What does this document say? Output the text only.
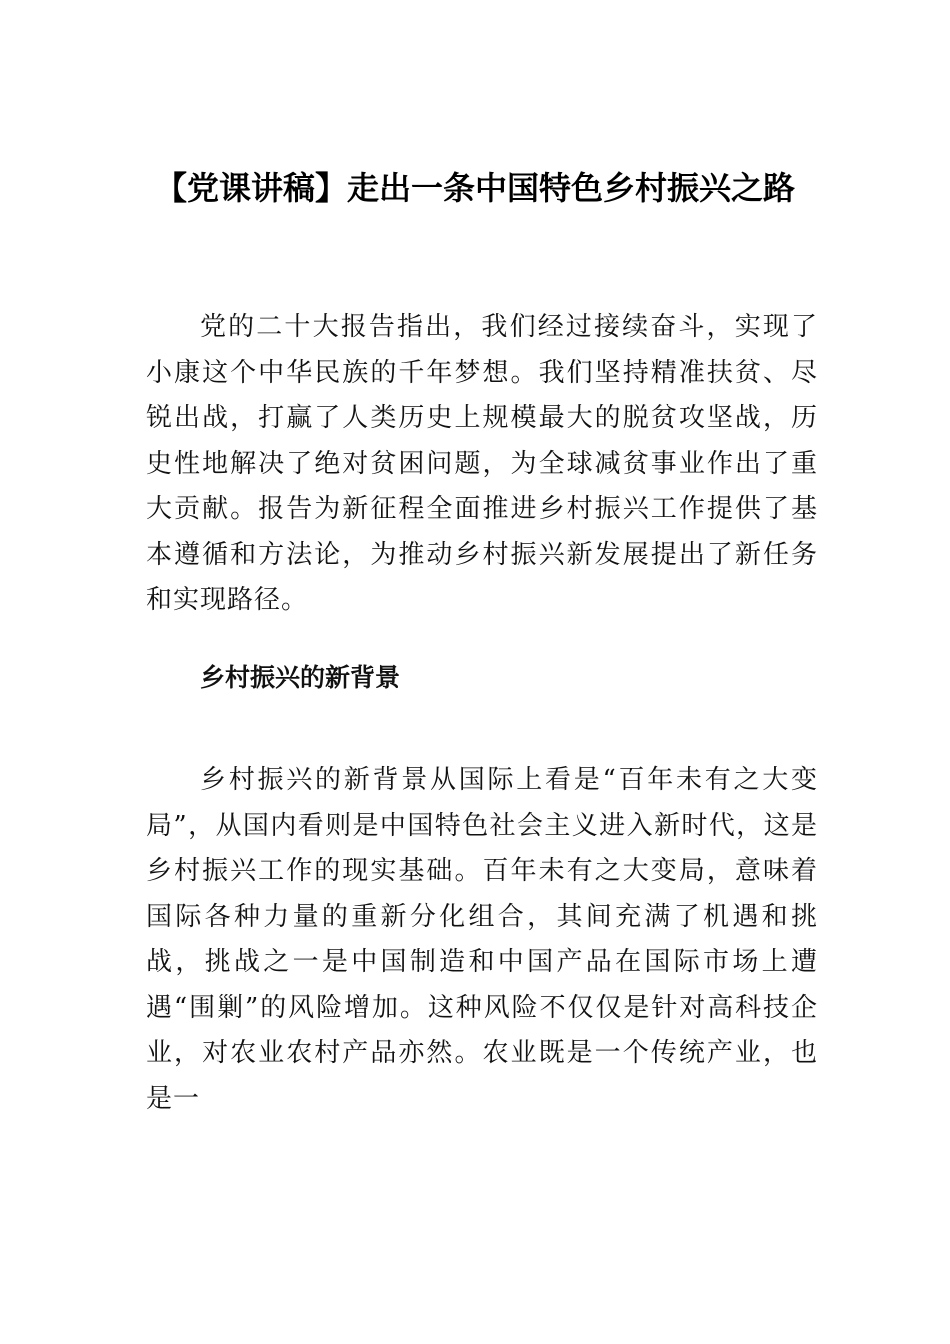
【党课讲稿】走出一条中国特色乡村振兴之路

党的二十大报告指出，我们经过接续奋斗，实现了小康这个中华民族的千年梦想。我们坚持精准扶贫、尽锐出战，打赢了人类历史上规模最大的脱贫攻坚战，历史性地解决了绝对贫困问题，为全球减贫事业作出了重大贡献。报告为新征程全面推进乡村振兴工作提供了基本遵循和方法论，为推动乡村振兴新发展提出了新任务和实现路径。

乡村振兴的新背景

乡村振兴的新背景从国际上看是“百年未有之大变局”，从国内看则是中国特色社会主义进入新时代，这是乡村振兴工作的现实基础。百年未有之大变局，意味着国际各种力量的重新分化组合，其间充满了机遇和挑战，挑战之一是中国制造和中国产品在国际市场上遭遇“围剿”的风险增加。这种风险不仅仅是针对高科技企业，对农业农村产品亦然。农业既是一个传统产业，也是一
